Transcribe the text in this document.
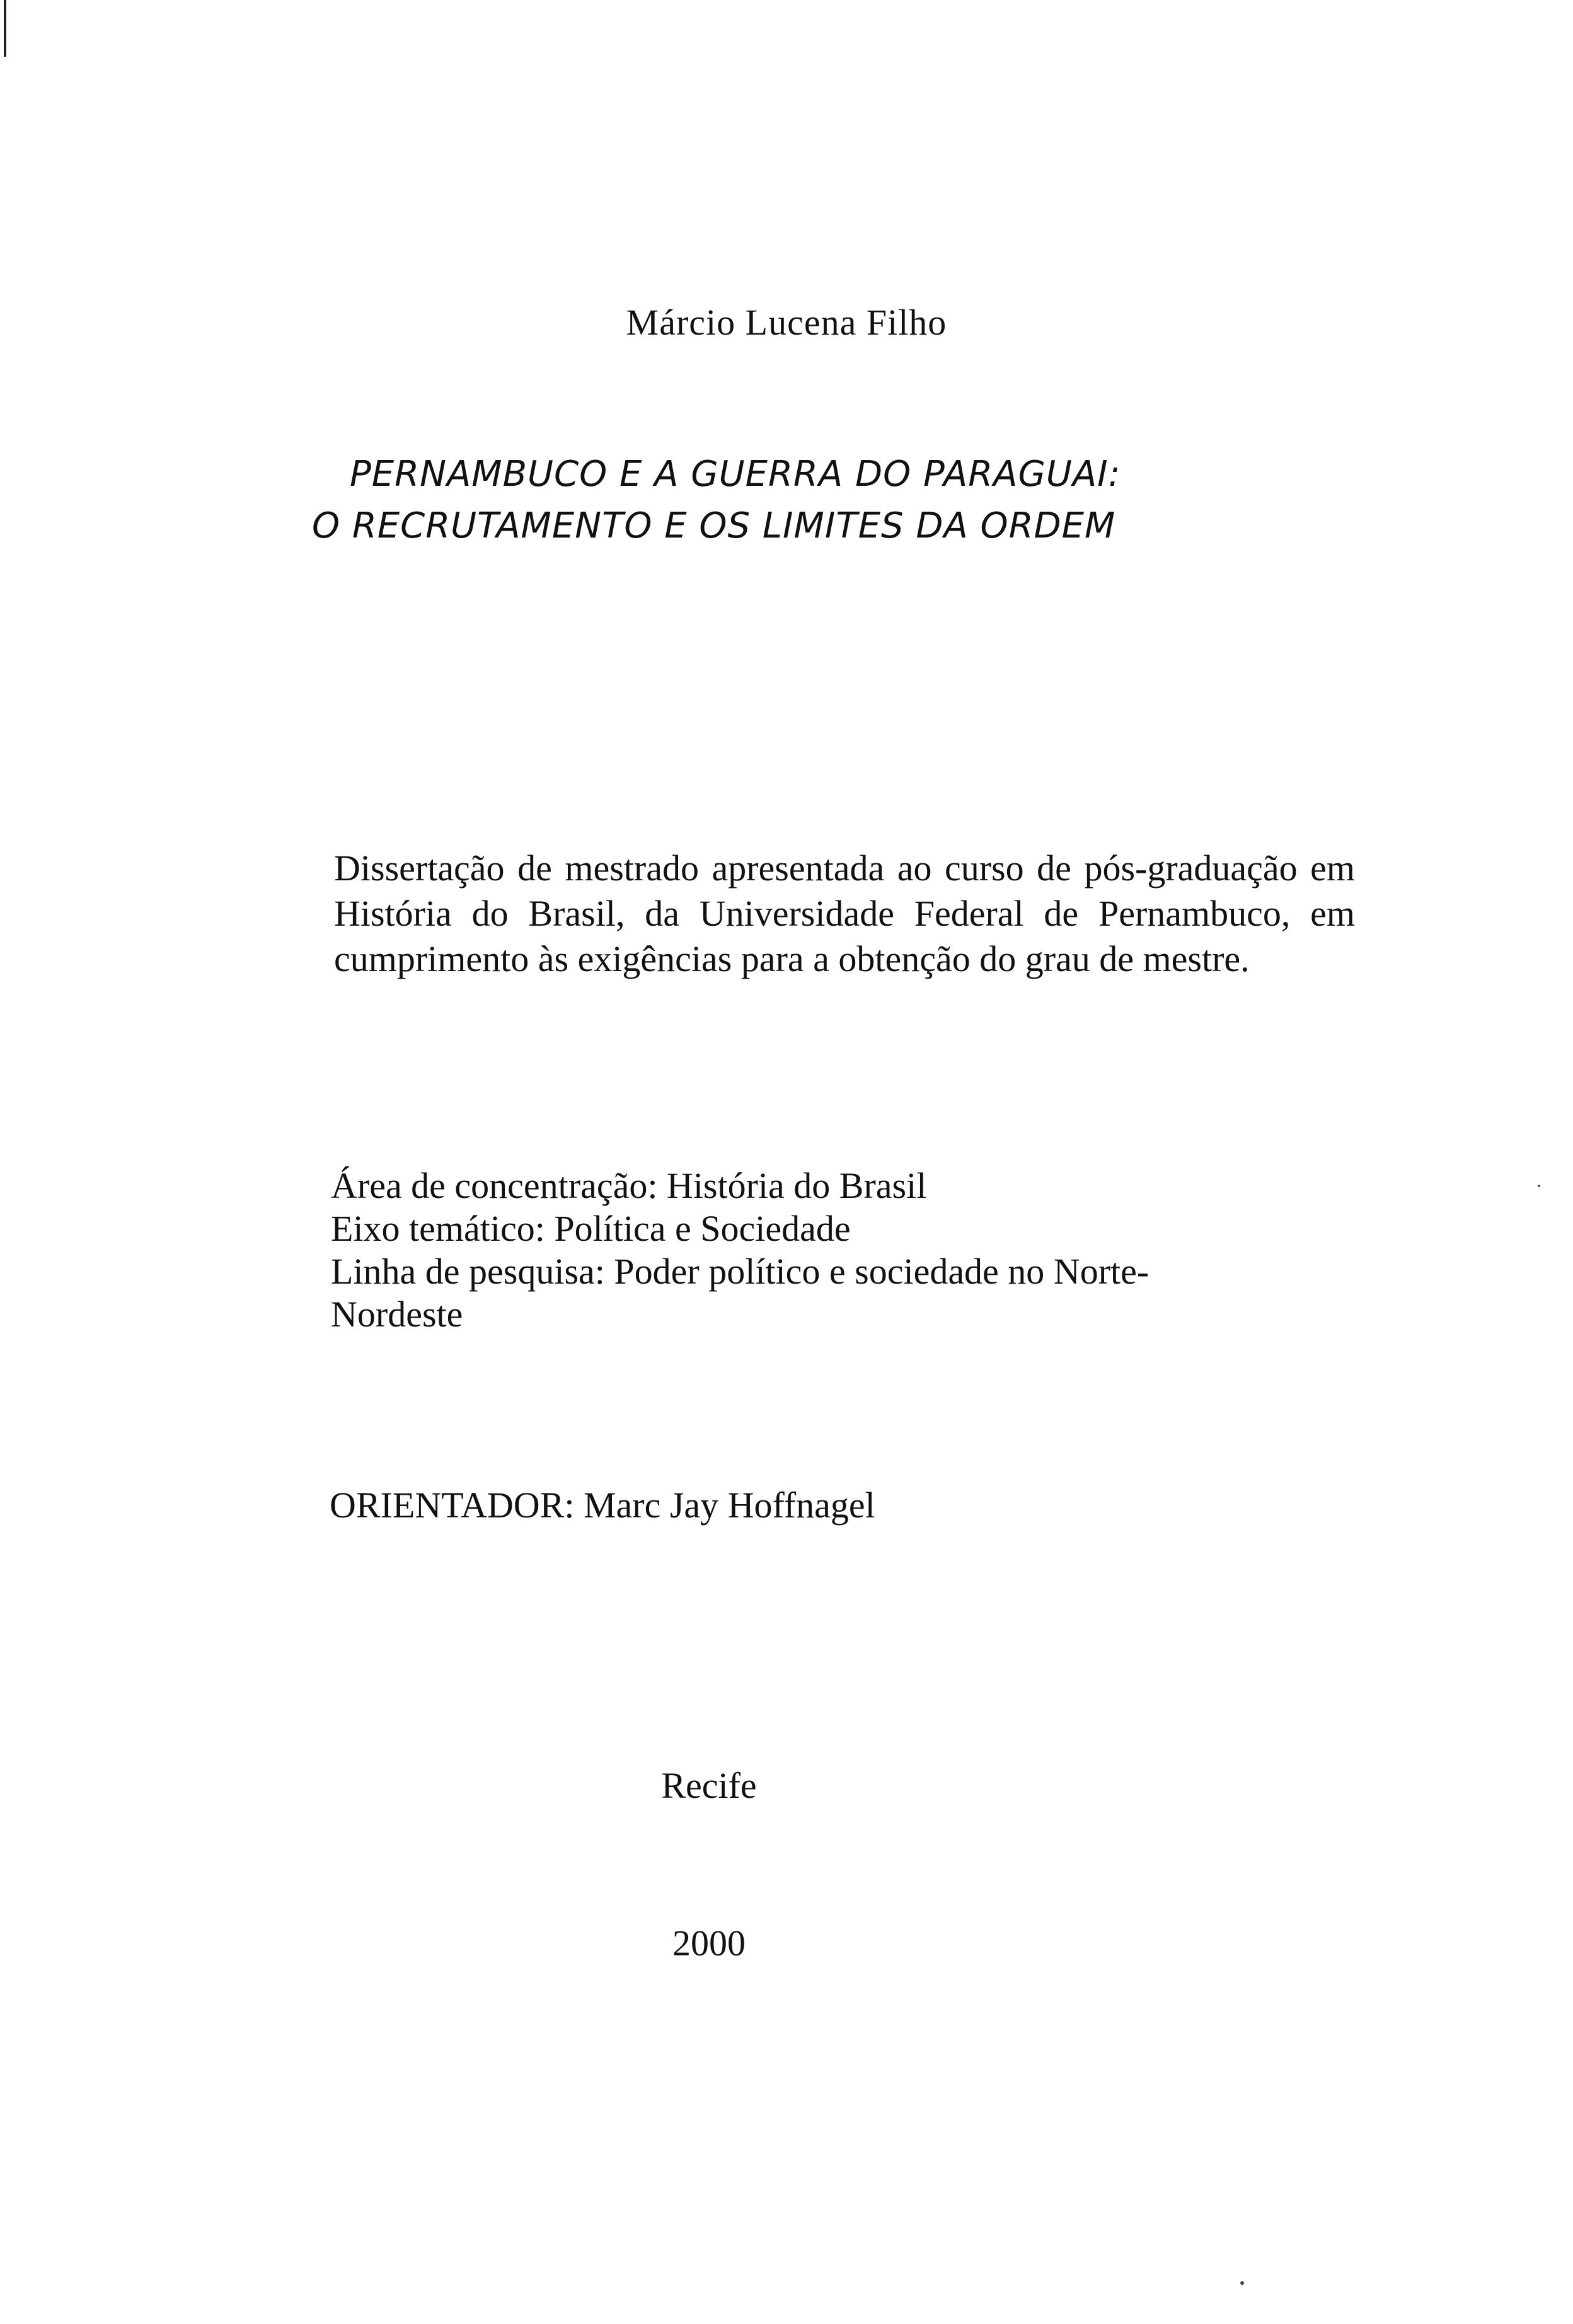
Márcio Lucena Filho
PERNAMBUCO E A GUERRA DO PARAGUAI:
O RECRUTAMENTO E OS LIMITES DA ORDEM
Dissertação de mestrado apresentada ao curso de pós-graduação em História do Brasil, da Universidade Federal de Pernambuco, em cumprimento às exigências para a obtenção do grau de mestre.
Área de concentração: História do Brasil
Eixo temático: Política e Sociedade
Linha de pesquisa: Poder político e sociedade no Norte-
Nordeste
ORIENTADOR: Marc Jay Hoffnagel
Recife
2000
